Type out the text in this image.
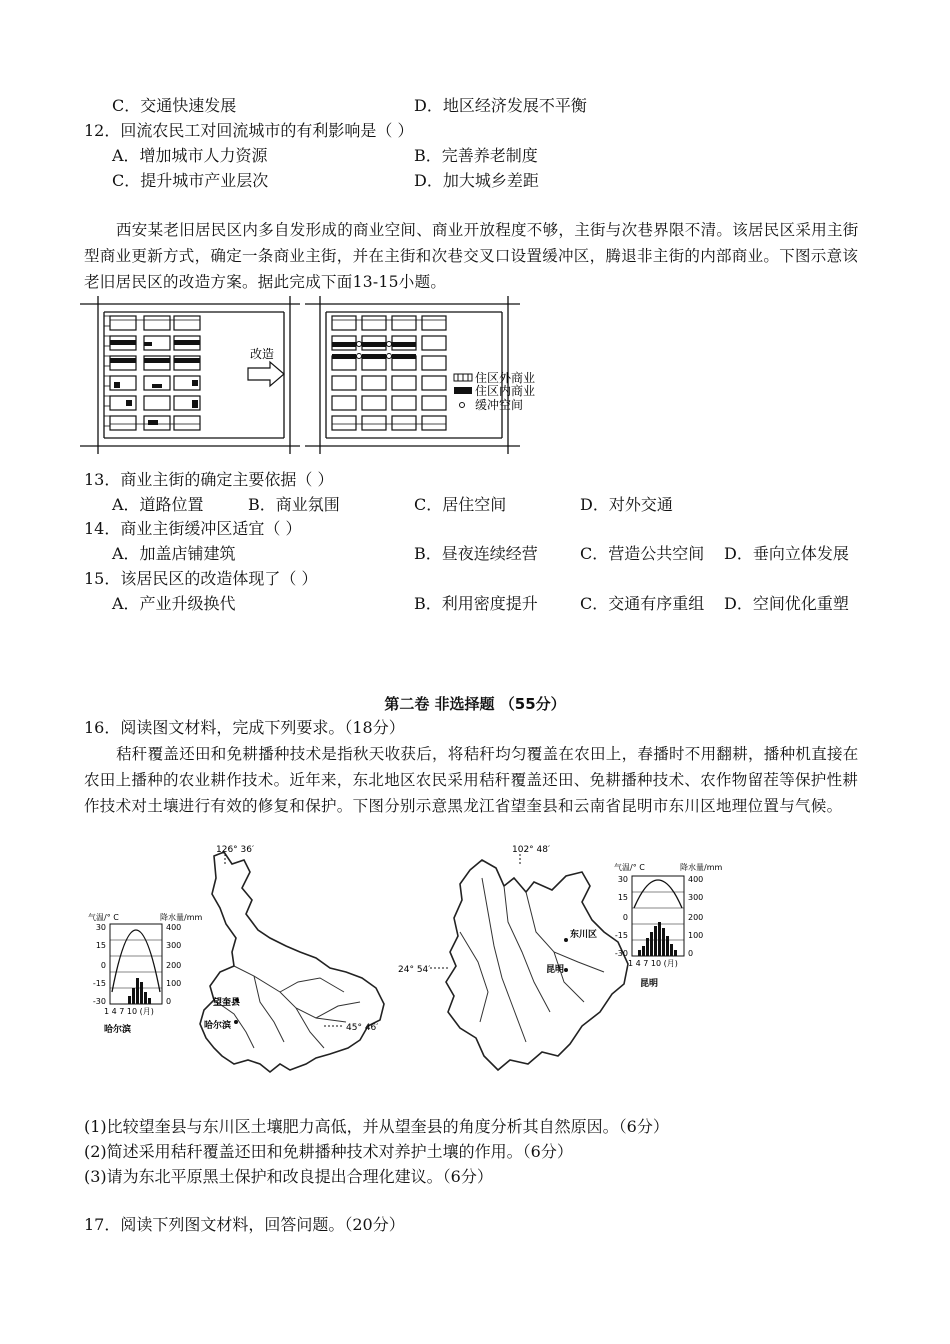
C．交通快速发展	D．地区经济发展不平衡
12．回流农民工对回流城市的有利影响是（ ）
A．增加城市人力资源	B．完善养老制度
C．提升城市产业层次	D．加大城乡差距
西安某老旧居民区内多自发形成的商业空间、商业开放程度不够，主街与次巷界限不清。该居民区采用主街型商业更新方式，确定一条商业主街，并在主街和次巷交叉口设置缓冲区，腾退非主街的内部商业。下图示意该老旧居民区的改造方案。据此完成下面13-15小题。
改造
住区外商业
住区内商业
缓冲空间
13．商业主街的确定主要依据（ ）
A．道路位置	B．商业氛围	C．居住空间	D．对外交通
14．商业主街缓冲区适宜（ ）
A．加盖店铺建筑	B．昼夜连续经营	C．营造公共空间 D．垂向立体发展
15．该居民区的改造体现了（ ）
A．产业升级换代	B．利用密度提升	C．交通有序重组 D．空间优化重塑
第二卷 非选择题 （55分）
16．阅读图文材料，完成下列要求。（18分）
秸秆覆盖还田和免耕播种技术是指秋天收获后，将秸秆均匀覆盖在农田上，春播时不用翻耕，播种机直接在农田上播种的农业耕作技术。近年来，东北地区农民采用秸秆覆盖还田、免耕播种技术、农作物留茬等保护性耕作技术对土壤进行有效的修复和保护。下图分别示意黑龙江省望奎县和云南省昆明市东川区地理位置与气候。
126° 36′
45° 46′
望奎县
哈尔滨
气温/° C	降水量/mm
30
15
0
-15
-30
400
300
200
100
0
1 4 7 10 (月)
哈尔滨
102° 48′
24° 54′
东川区
昆明
气温/° C	降水量/mm
30
15
0
-15
-30
400
300
200
100
0
1 4 7 10 (月)
昆明
(1)比较望奎县与东川区土壤肥力高低，并从望奎县的角度分析其自然原因。（6分）
(2)简述采用秸秆覆盖还田和免耕播种技术对养护土壤的作用。（6分）
(3)请为东北平原黑土保护和改良提出合理化建议。（6分）
17．阅读下列图文材料，回答问题。（20分）
